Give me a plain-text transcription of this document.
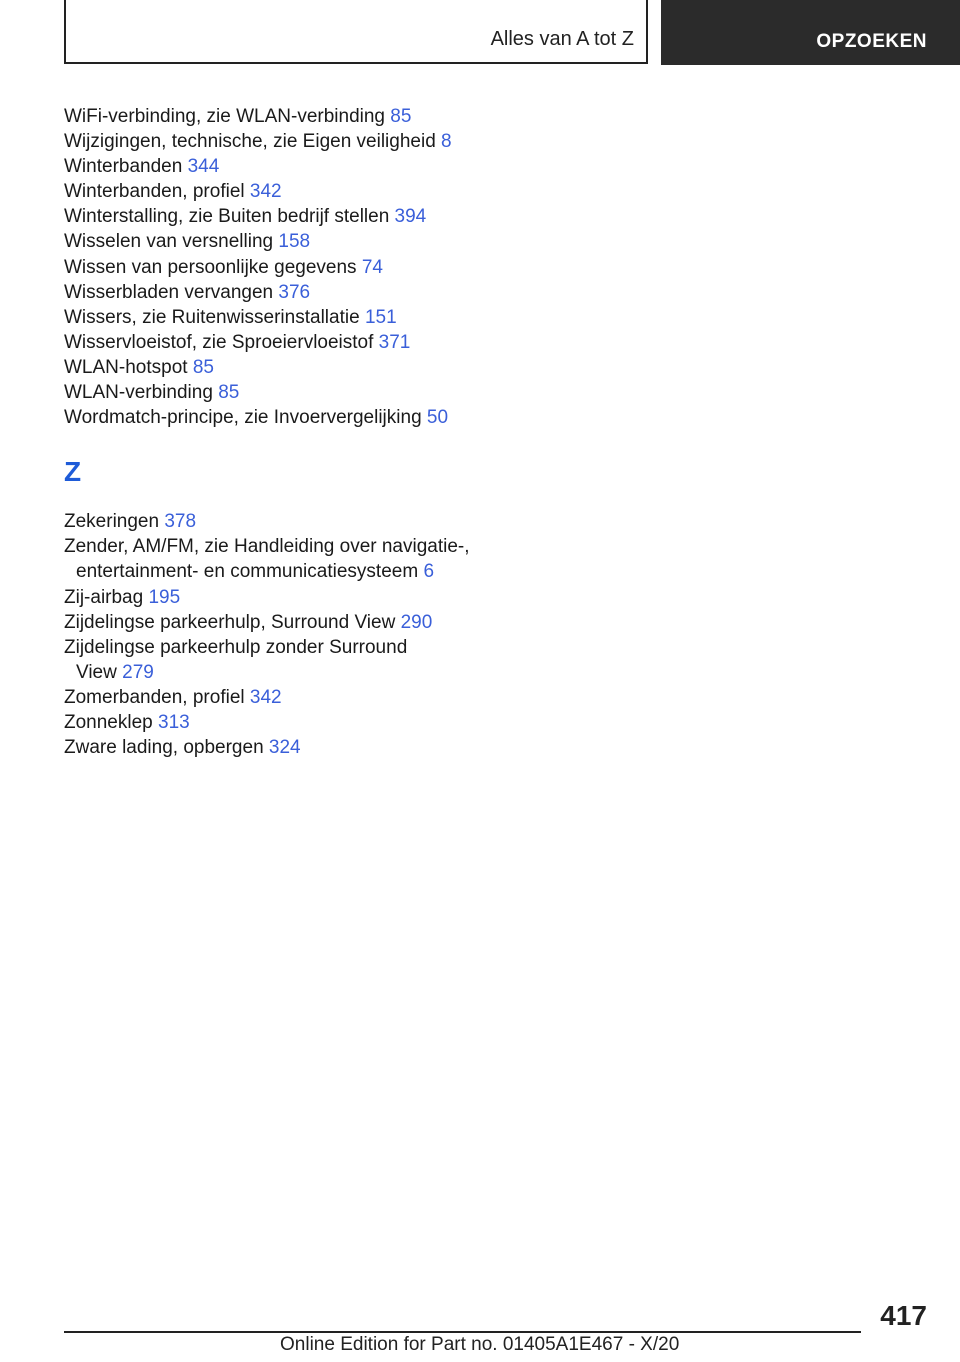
Alles van A tot Z	OPZOEKEN
WiFi-verbinding, zie WLAN-verbinding 85
Wijzigingen, technische, zie Eigen veiligheid 8
Winterbanden 344
Winterbanden, profiel 342
Winterstalling, zie Buiten bedrijf stellen 394
Wisselen van versnelling 158
Wissen van persoonlijke gegevens 74
Wisserbladen vervangen 376
Wissers, zie Ruitenwisserinstallatie 151
Wisservloeistof, zie Sproeiervloeistof 371
WLAN-hotspot 85
WLAN-verbinding 85
Wordmatch-principe, zie Invoervergelijking 50
Z
Zekeringen 378
Zender, AM/FM, zie Handleiding over navigatie-,
entertainment- en communicatiesysteem 6
Zij-airbag 195
Zijdelingse parkeerhulp, Surround View 290
Zijdelingse parkeerhulp zonder Surround
View 279
Zomerbanden, profiel 342
Zonneklep 313
Zware lading, opbergen 324
417
Online Edition for Part no. 01405A1E467 - X/20
